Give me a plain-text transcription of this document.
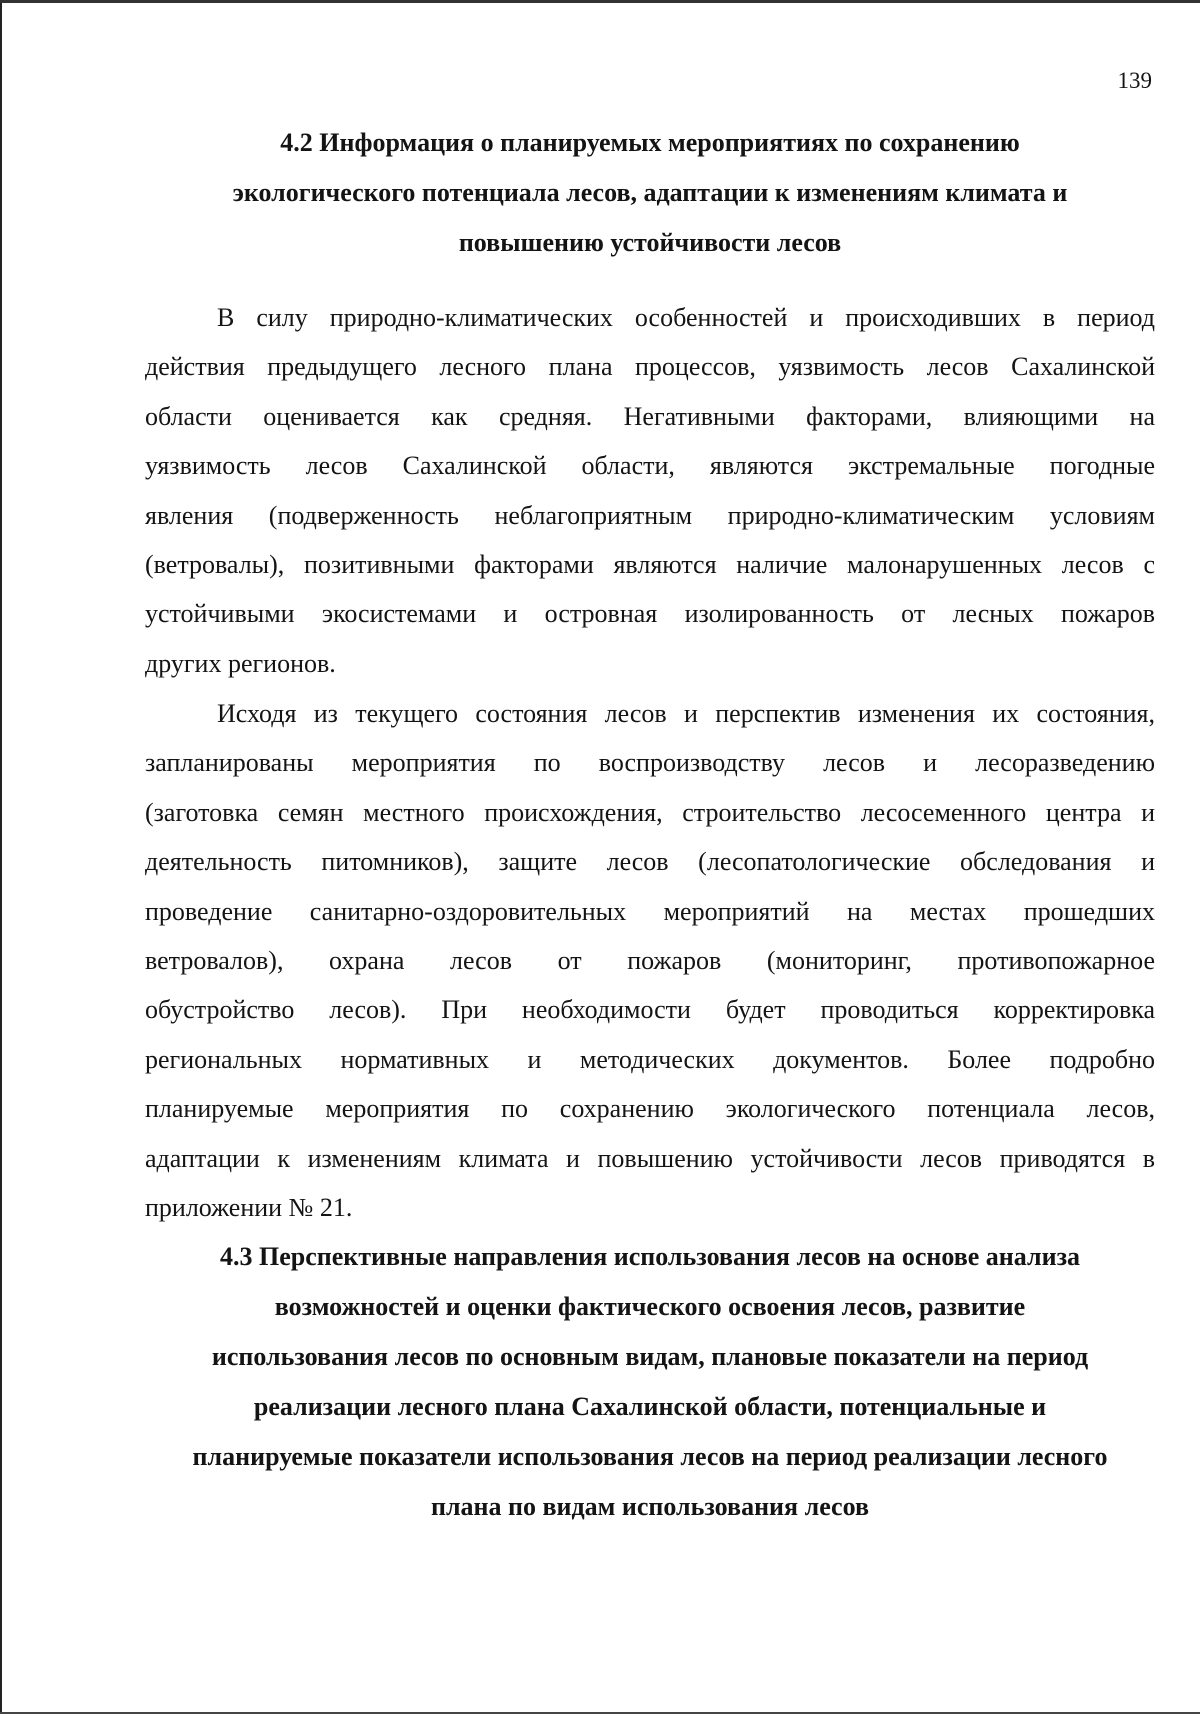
139
4.2 Информация о планируемых мероприятиях по сохранению
экологического потенциала лесов, адаптации к изменениям климата и
повышению устойчивости лесов
В силу природно-климатических особенностей и происходивших в период
действия предыдущего лесного плана процессов, уязвимость лесов Сахалинской
области оценивается как средняя. Негативными факторами, влияющими на
уязвимость лесов Сахалинской области, являются экстремальные погодные
явления (подверженность неблагоприятным природно-климатическим условиям
(ветровалы), позитивными факторами являются наличие малонарушенных лесов с
устойчивыми экосистемами и островная изолированность от лесных пожаров
других регионов.
Исходя из текущего состояния лесов и перспектив изменения их состояния,
запланированы мероприятия по воспроизводству лесов и лесоразведению
(заготовка семян местного происхождения, строительство лесосеменного центра и
деятельность питомников), защите лесов (лесопатологические обследования и
проведение санитарно-оздоровительных мероприятий на местах прошедших
ветровалов), охрана лесов от пожаров (мониторинг, противопожарное
обустройство лесов). При необходимости будет проводиться корректировка
региональных нормативных и методических документов. Более подробно
планируемые мероприятия по сохранению экологического потенциала лесов,
адаптации к изменениям климата и повышению устойчивости лесов приводятся в
приложении № 21.
4.3 Перспективные направления использования лесов на основе анализа
возможностей и оценки фактического освоения лесов, развитие
использования лесов по основным видам, плановые показатели на период
реализации лесного плана Сахалинской области, потенциальные и
планируемые показатели использования лесов на период реализации лесного
плана по видам использования лесов
